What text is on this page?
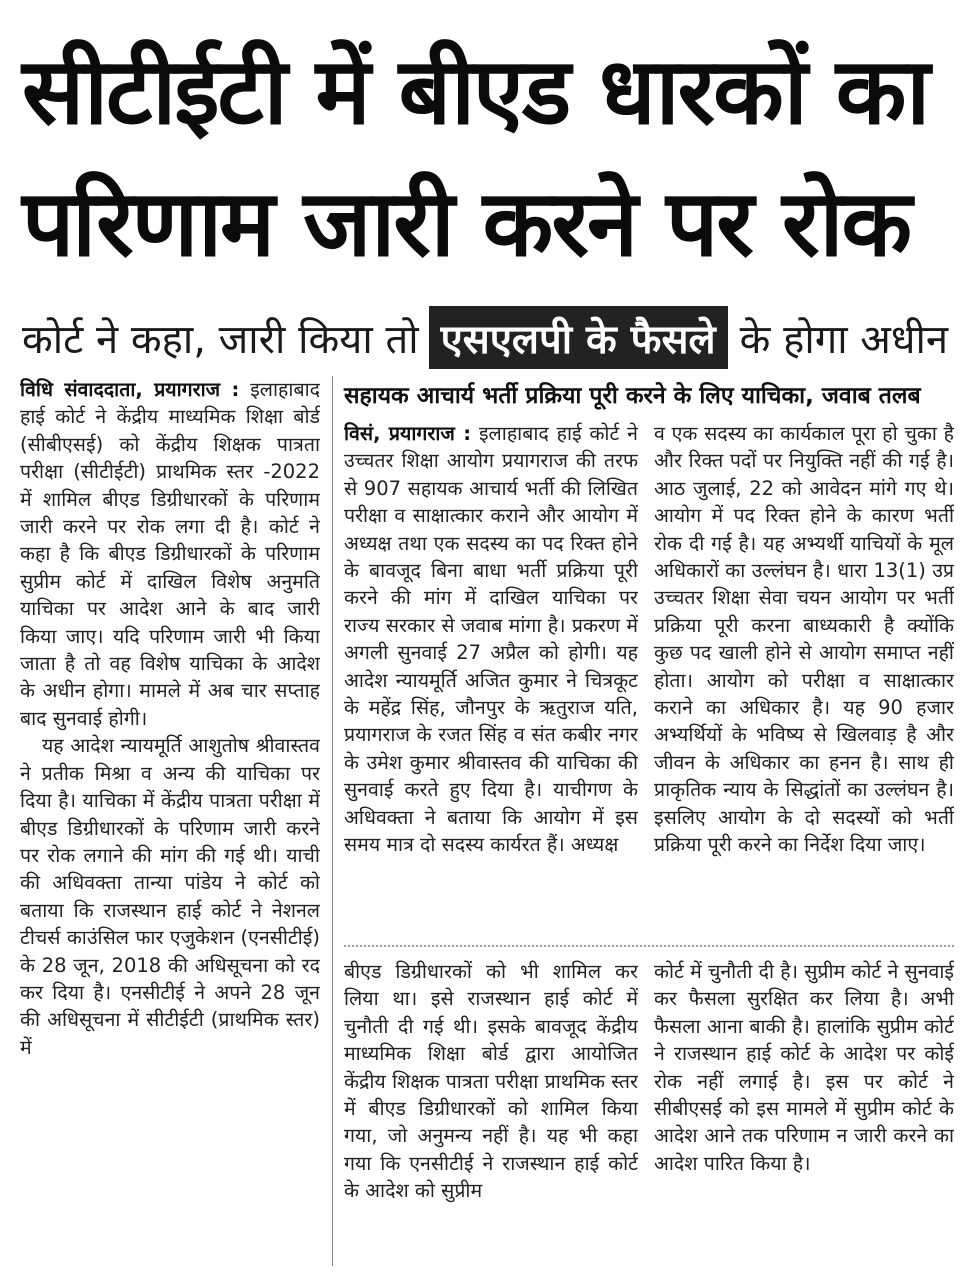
सीटीईटी में बीएड धारकों का
परिणाम जारी करने पर रोक
कोर्ट ने कहा, जारी किया तो एसएलपी के फैसले के होगा अधीन

विधि संवाददाता, प्रयागराज : इलाहाबाद हाई कोर्ट ने केंद्रीय माध्यमिक शिक्षा बोर्ड (सीबीएसई) को केंद्रीय शिक्षक पात्रता परीक्षा (सीटीईटी) प्राथमिक स्तर -2022 में शामिल बीएड डिग्रीधारकों के परिणाम जारी करने पर रोक लगा दी है। कोर्ट ने कहा है कि बीएड डिग्रीधारकों के परिणाम सुप्रीम कोर्ट में दाखिल विशेष अनुमति याचिका पर आदेश आने के बाद जारी किया जाए। यदि परिणाम जारी भी किया जाता है तो वह विशेष याचिका के आदेश के अधीन होगा। मामले में अब चार सप्ताह बाद सुनवाई होगी।

यह आदेश न्यायमूर्ति आशुतोष श्रीवास्तव ने प्रतीक मिश्रा व अन्य की याचिका पर दिया है। याचिका में केंद्रीय पात्रता परीक्षा में बीएड डिग्रीधारकों के परिणाम जारी करने पर रोक लगाने की मांग की गई थी। याची की अधिवक्ता तान्या पांडेय ने कोर्ट को बताया कि राजस्थान हाई कोर्ट ने नेशनल टीचर्स काउंसिल फार एजुकेशन (एनसीटीई) के 28 जून, 2018 की अधिसूचना को रद कर दिया है। एनसीटीई ने अपने 28 जून की अधिसूचना में सीटीईटी (प्राथमिक स्तर) में

सहायक आचार्य भर्ती प्रक्रिया पूरी करने के लिए याचिका, जवाब तलब

विसं, प्रयागराज : इलाहाबाद हाई कोर्ट ने उच्चतर शिक्षा आयोग प्रयागराज की तरफ से 907 सहायक आचार्य भर्ती की लिखित परीक्षा व साक्षात्कार कराने और आयोग में अध्यक्ष तथा एक सदस्य का पद रिक्त होने के बावजूद बिना बाधा भर्ती प्रक्रिया पूरी करने की मांग में दाखिल याचिका पर राज्य सरकार से जवाब मांगा है। प्रकरण में अगली सुनवाई 27 अप्रैल को होगी। यह आदेश न्यायमूर्ति अजित कुमार ने चित्रकूट के महेंद्र सिंह, जौनपुर के ऋतुराज यति, प्रयागराज के रजत सिंह व संत कबीर नगर के उमेश कुमार श्रीवास्तव की याचिका की सुनवाई करते हुए दिया है। याचीगण के अधिवक्ता ने बताया कि आयोग में इस समय मात्र दो सदस्य कार्यरत हैं। अध्यक्ष

व एक सदस्य का कार्यकाल पूरा हो चुका है और रिक्त पदों पर नियुक्ति नहीं की गई है। आठ जुलाई, 22 को आवेदन मांगे गए थे। आयोग में पद रिक्त होने के कारण भर्ती रोक दी गई है। यह अभ्यर्थी याचियों के मूल अधिकारों का उल्लंघन है। धारा 13(1) उप्र उच्चतर शिक्षा सेवा चयन आयोग पर भर्ती प्रक्रिया पूरी करना बाध्यकारी है क्योंकि कुछ पद खाली होने से आयोग समाप्त नहीं होता। आयोग को परीक्षा व साक्षात्कार कराने का अधिकार है। यह 90 हजार अभ्यर्थियों के भविष्य से खिलवाड़ है और जीवन के अधिकार का हनन है। साथ ही प्राकृतिक न्याय के सिद्धांतों का उल्लंघन है। इसलिए आयोग के दो सदस्यों को भर्ती प्रक्रिया पूरी करने का निर्देश दिया जाए।

बीएड डिग्रीधारकों को भी शामिल कर लिया था। इसे राजस्थान हाई कोर्ट में चुनौती दी गई थी। इसके बावजूद केंद्रीय माध्यमिक शिक्षा बोर्ड द्वारा आयोजित केंद्रीय शिक्षक पात्रता परीक्षा प्राथमिक स्तर में बीएड डिग्रीधारकों को शामिल किया गया, जो अनुमन्य नहीं है। यह भी कहा गया कि एनसीटीई ने राजस्थान हाई कोर्ट के आदेश को सुप्रीम

कोर्ट में चुनौती दी है। सुप्रीम कोर्ट ने सुनवाई कर फैसला सुरक्षित कर लिया है। अभी फैसला आना बाकी है। हालांकि सुप्रीम कोर्ट ने राजस्थान हाई कोर्ट के आदेश पर कोई रोक नहीं लगाई है। इस पर कोर्ट ने सीबीएसई को इस मामले में सुप्रीम कोर्ट के आदेश आने तक परिणाम न जारी करने का आदेश पारित किया है।
